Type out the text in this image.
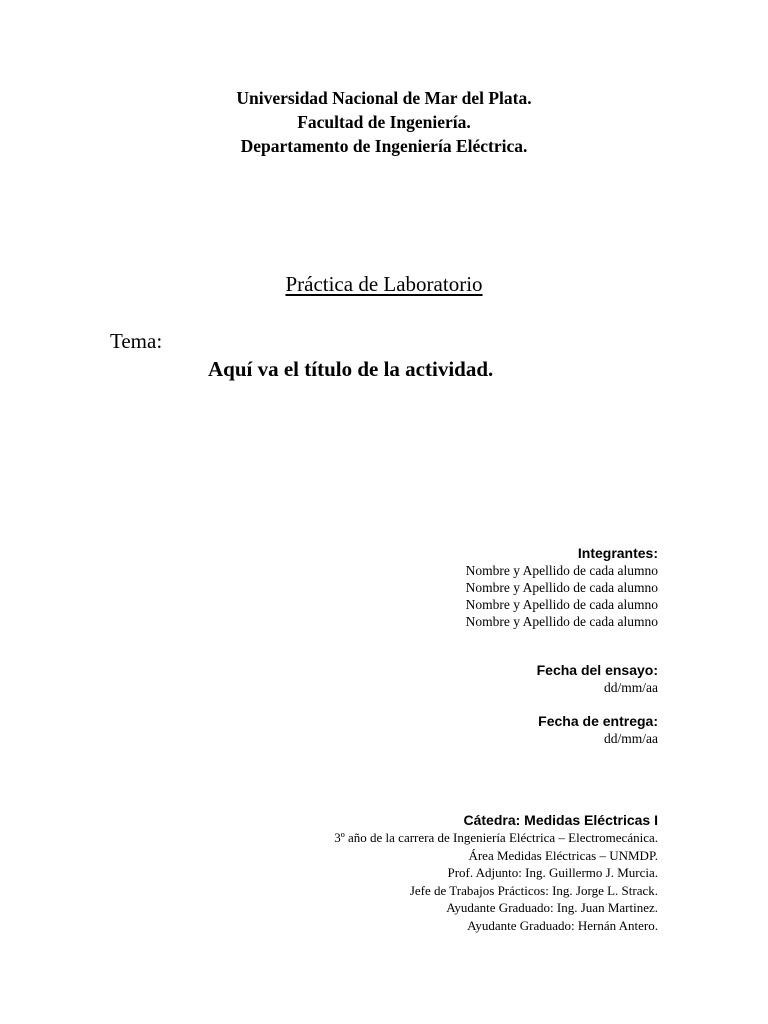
Universidad Nacional de Mar del Plata.
Facultad de Ingeniería.
Departamento de Ingeniería Eléctrica.
Práctica de Laboratorio
Tema:
Aquí va el título de la actividad.
Integrantes:
Nombre y Apellido de cada alumno
Nombre y Apellido de cada alumno
Nombre y Apellido de cada alumno
Nombre y Apellido de cada alumno
Fecha del ensayo:
dd/mm/aa
Fecha de entrega:
dd/mm/aa
Cátedra: Medidas Eléctricas I
3º año de la carrera de Ingeniería Eléctrica – Electromecánica.
Área Medidas Eléctricas – UNMDP.
Prof. Adjunto: Ing. Guillermo J. Murcia.
Jefe de Trabajos Prácticos: Ing. Jorge L. Strack.
Ayudante Graduado: Ing. Juan Martinez.
Ayudante Graduado: Hernán Antero.
